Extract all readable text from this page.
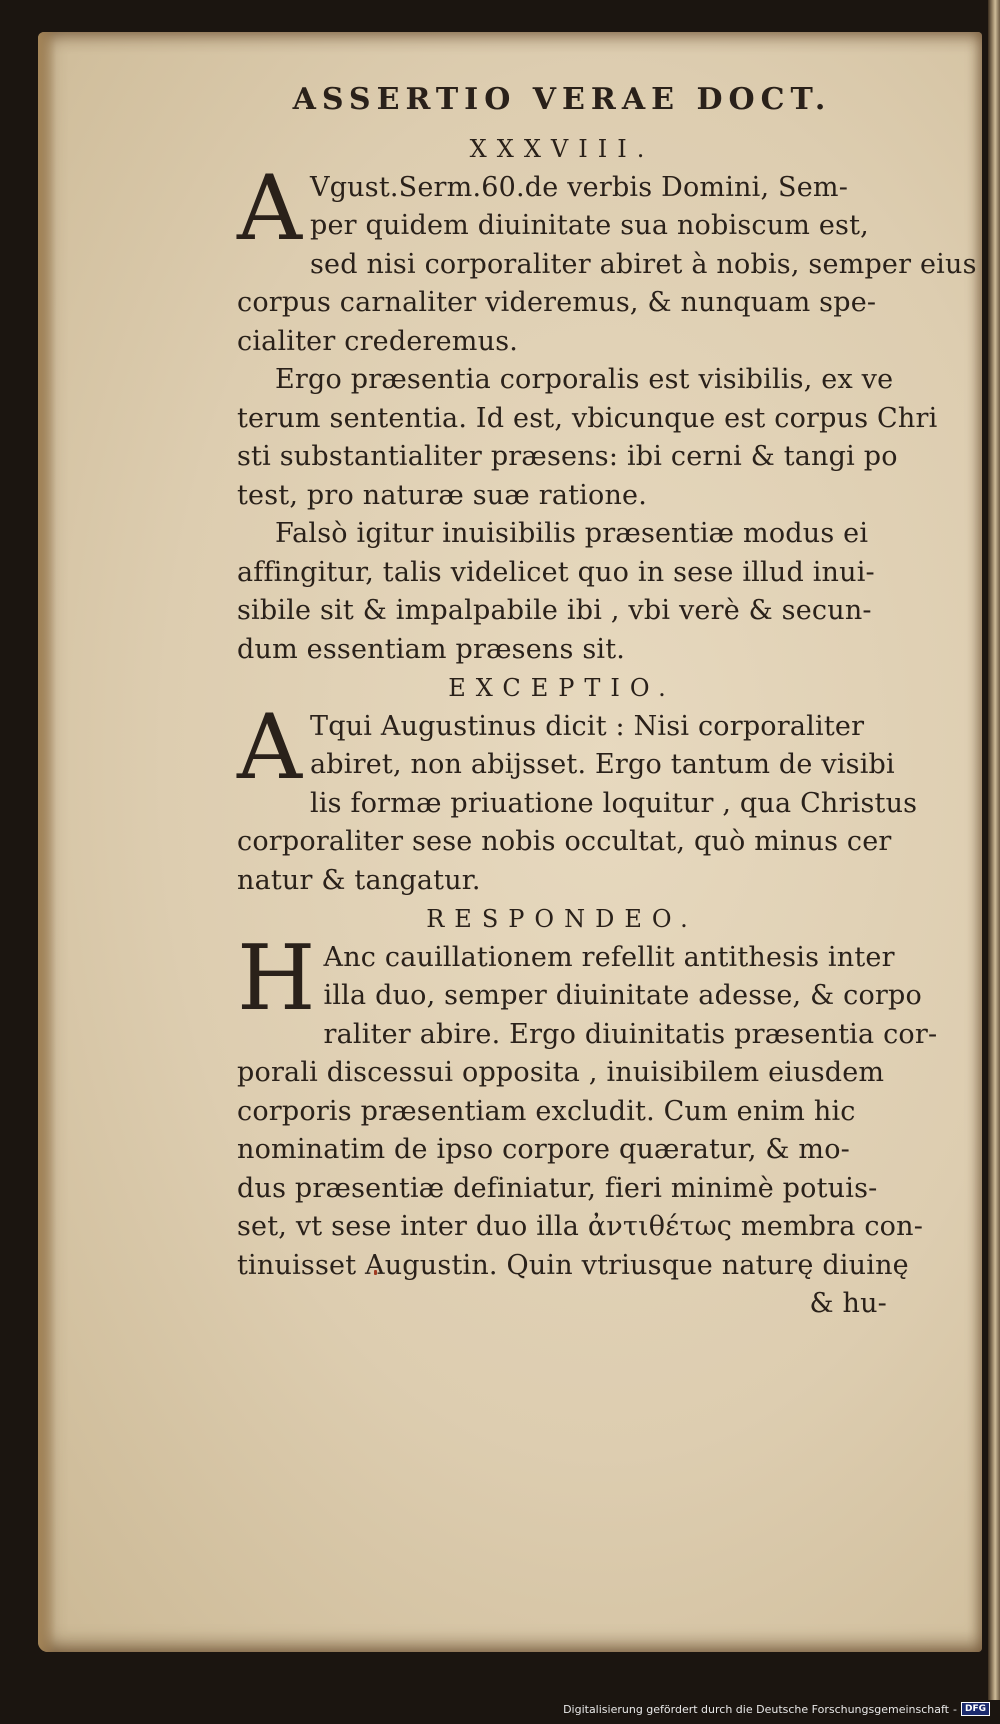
ASSERTIO VERAE DOCT.
XXXVIII.
A Vgust.Serm.60.de verbis Domini, Sem-
per quidem diuinitate sua nobiscum est,
sed nisi corporaliter abiret à nobis, semper eius
corpus carnaliter videremus, & nunquam spe-
cialiter crederemus.
Ergo præsentia corporalis est visibilis, ex ve
terum sententia. Id est, vbicunque est corpus Chri
sti substantialiter præsens: ibi cerni & tangi po
test, pro naturæ suæ ratione.
Falsò igitur inuisibilis præsentiæ modus ei
affingitur, talis videlicet quo in sese illud inui-
sibile sit & impalpabile ibi , vbi verè & secun-
dum essentiam præsens sit.
EXCEPTIO.
A Tqui Augustinus dicit : Nisi corporaliter
abiret, non abijsset. Ergo tantum de visibi
lis formæ priuatione loquitur , qua Christus
corporaliter sese nobis occultat, quò minus cer
natur & tangatur.
RESPONDEO.
H Anc cauillationem refellit antithesis inter
illa duo, semper diuinitate adesse, & corpo
raliter abire. Ergo diuinitatis præsentia cor-
porali discessui opposita , inuisibilem eiusdem
corporis præsentiam excludit. Cum enim hic
nominatim de ipso corpore quæratur, & mo-
dus præsentiæ definiatur, fieri minimè potuis-
set, vt sese inter duo illa ἀντιθέτως membra con-
tinuisset Augustin. Quin vtriusque naturę diuinę
& hu-
Digitalisierung gefördert durch die Deutsche Forschungsgemeinschaft - DFG
